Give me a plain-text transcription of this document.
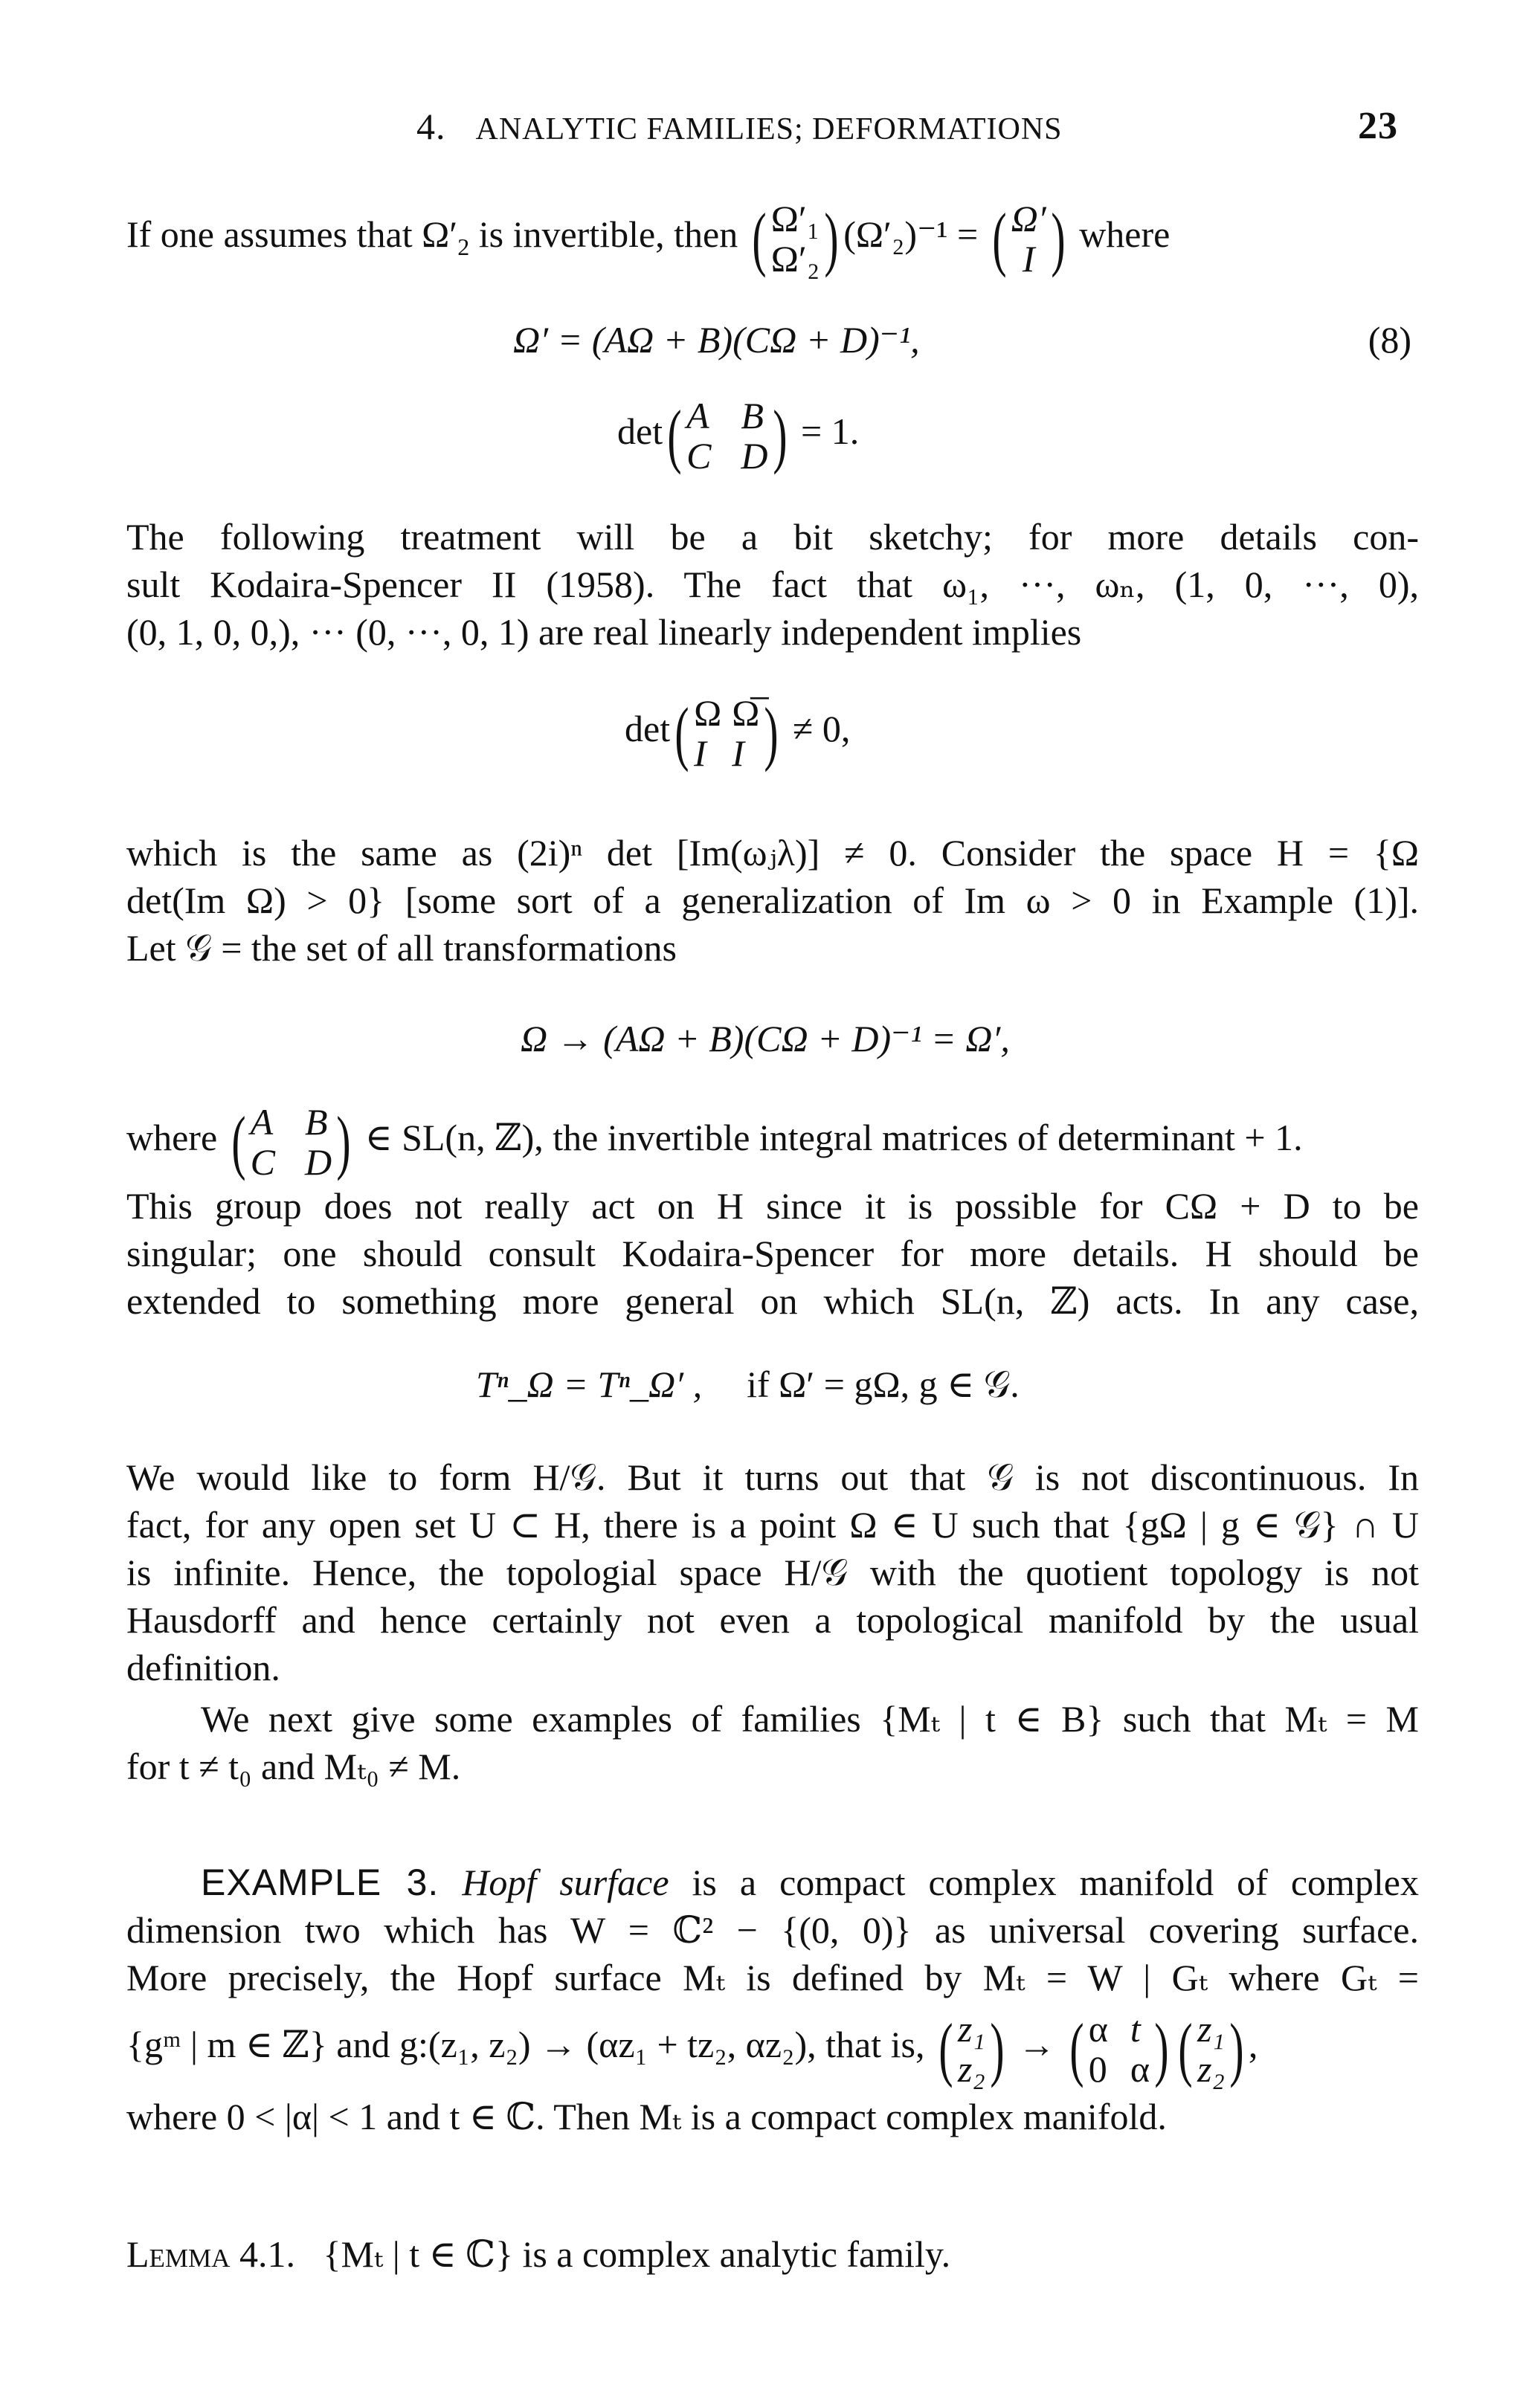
4. ANALYTIC FAMILIES; DEFORMATIONS	23
If one assumes that $\Omega'_2$ is invertible, then ( Ω′₁
Ω′₂ ) (Ω′₂)⁻¹ = ( Ω′
I ) where
Ω′ = (AΩ + B)(CΩ + D)⁻¹,	(8)
det( A B
C D ) = 1.
The following treatment will be a bit sketchy; for more details con-
sult Kodaira-Spencer II (1958). The fact that ω₁, ···, ωₙ, (1, 0, ···, 0),
(0, 1, 0, 0,), ··· (0, ···, 0, 1) are real linearly independent implies
det( Ω Ω̅
I I ) ≠ 0,
which is the same as (2i)ⁿ det [Im(ωⱼλ)] ≠ 0. Consider the space H = {Ω
det(Im Ω) > 0} [some sort of a generalization of Im ω > 0 in Example (1)].
Let 𝒢 = the set of all transformations
Ω → (AΩ + B)(CΩ + D)⁻¹ = Ω′,
where ( A B
C D ) ∈ SL(n, ℤ), the invertible integral matrices of determinant + 1.
This group does not really act on H since it is possible for CΩ + D to be
singular; one should consult Kodaira-Spencer for more details. H should be
extended to something more general on which SL(n, ℤ) acts. In any case,
Tⁿ_Ω = Tⁿ_Ω′ , if Ω′ = gΩ, g ∈ 𝒢.
We would like to form H/𝒢. But it turns out that 𝒢 is not discontinuous. In
fact, for any open set U ⊂ H, there is a point Ω ∈ U such that {gΩ | g ∈ 𝒢} ∩ U
is infinite. Hence, the topologial space H/𝒢 with the quotient topology is not
Hausdorff and hence certainly not even a topological manifold by the usual
definition.
We next give some examples of families {Mₜ | t ∈ B} such that Mₜ = M
for t ≠ t₀ and Mₜ₀ ≠ M.
EXAMPLE 3. Hopf surface is a compact complex manifold of complex
dimension two which has W = ℂ² − {(0, 0)} as universal covering surface.
More precisely, the Hopf surface Mₜ is defined by Mₜ = W | Gₜ where Gₜ =
{gᵐ | m ∈ ℤ} and g:(z₁, z₂) → (αz₁ + tz₂, αz₂), that is, ( z₁
z₂ ) → ( α t
0 α ) ( z₁
z₂ ) ,
where 0 < |α| < 1 and t ∈ ℂ. Then Mₜ is a compact complex manifold.
Lemma 4.1. {Mₜ | t ∈ ℂ} is a complex analytic family.
